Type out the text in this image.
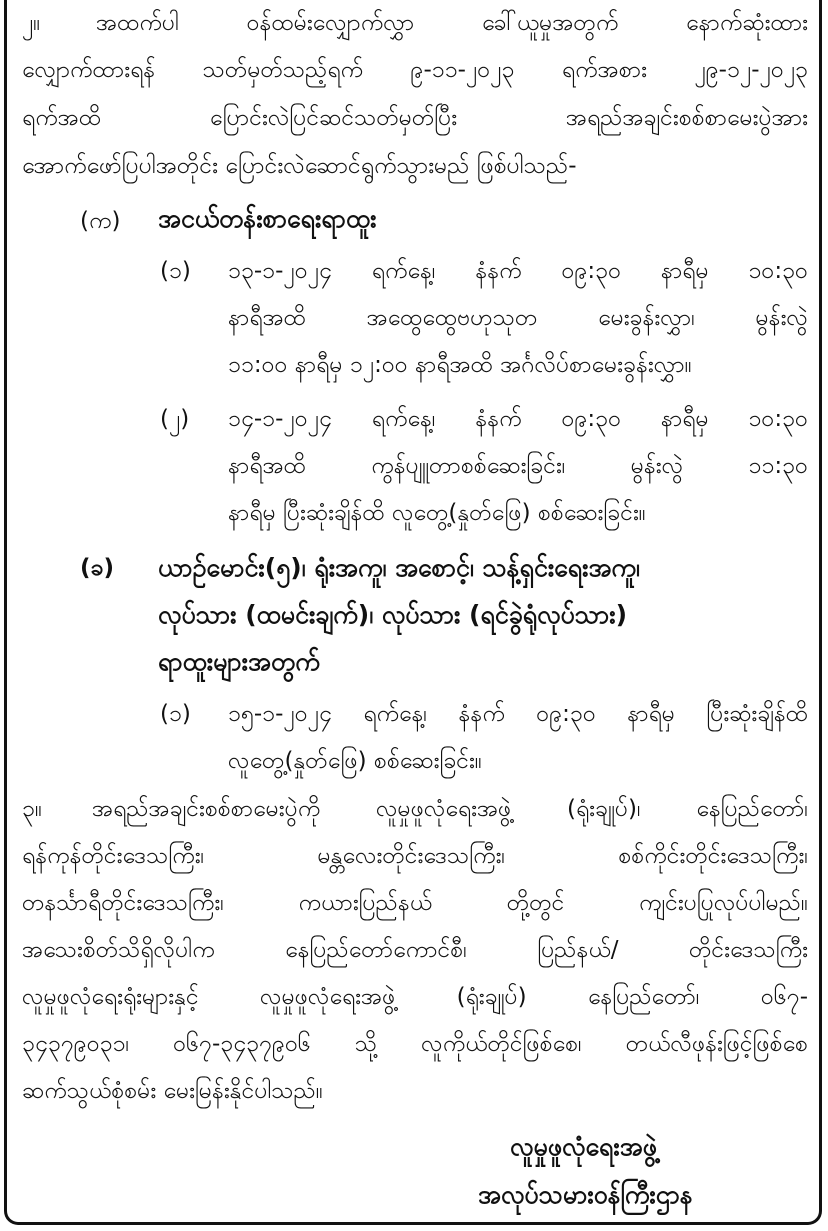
၂။ အထက်ပါ ဝန်ထမ်းလျှောက်လွှာ ခေါ်ယူမှုအတွက် နောက်ဆုံးထား
လျှောက်ထားရန် သတ်မှတ်သည့်ရက် ၉-၁၁-၂၀၂၃ ရက်အစား ၂၉-၁၂-၂၀၂၃
ရက်အထိ ပြောင်းလဲပြင်ဆင်သတ်မှတ်ပြီး အရည်အချင်းစစ်စာမေးပွဲအား
အောက်ဖော်ပြပါအတိုင်း ပြောင်းလဲဆောင်ရွက်သွားမည် ဖြစ်ပါသည်-
(က) အငယ်တန်းစာရေးရာထူး
(၁) ၁၃-၁-၂၀၂၄ ရက်နေ့၊ နံနက် ၀၉:၃၀ နာရီမှ ၁၀:၃၀
နာရီအထိ အထွေထွေဗဟုသုတ မေးခွန်းလွှာ၊ မွန်းလွဲ
၁၁:၀၀ နာရီမှ ၁၂:၀၀ နာရီအထိ အင်္ဂလိပ်စာမေးခွန်းလွှာ။
(၂) ၁၄-၁-၂၀၂၄ ရက်နေ့၊ နံနက် ၀၉:၃၀ နာရီမှ ၁၀:၃၀
နာရီအထိ ကွန်ပျူတာစစ်ဆေးခြင်း၊ မွန်းလွဲ ၁၁:၃၀
နာရီမှ ပြီးဆုံးချိန်ထိ လူတွေ့(နှုတ်ဖြေ) စစ်ဆေးခြင်း။
(ခ) ယာဉ်မောင်း(၅)၊ ရုံးအကူ၊ အစောင့်၊ သန့်ရှင်းရေးအကူ၊
လုပ်သား (ထမင်းချက်)၊ လုပ်သား (ရင်ခွဲရုံလုပ်သား)
ရာထူးများအတွက်
(၁) ၁၅-၁-၂၀၂၄ ရက်နေ့၊ နံနက် ၀၉:၃၀ နာရီမှ ပြီးဆုံးချိန်ထိ
လူတွေ့(နှုတ်ဖြေ) စစ်ဆေးခြင်း။
၃။ အရည်အချင်းစစ်စာမေးပွဲကို လူမှုဖူလုံရေးအဖွဲ့ (ရုံးချုပ်)၊ နေပြည်တော်၊
ရန်ကုန်တိုင်းဒေသကြီး၊ မန္တလေးတိုင်းဒေသကြီး၊ စစ်ကိုင်းတိုင်းဒေသကြီး၊
တနင်္သာရီတိုင်းဒေသကြီး၊ ကယားပြည်နယ် တို့တွင် ကျင်းပပြုလုပ်ပါမည်။
အသေးစိတ်သိရှိလိုပါက နေပြည်တော်ကောင်စီ၊ ပြည်နယ်/ တိုင်းဒေသကြီး
လူမှုဖူလုံရေးရုံးများနှင့် လူမှုဖူလုံရေးအဖွဲ့ (ရုံးချုပ်) နေပြည်တော်၊ ၀၆၇-
၃၄၃၇၉၀၃၁၊ ၀၆၇-၃၄၃၇၉၀၆ သို့ လူကိုယ်တိုင်ဖြစ်စေ၊ တယ်လီဖုန်းဖြင့်ဖြစ်စေ
ဆက်သွယ်စုံစမ်း မေးမြန်းနိုင်ပါသည်။
လူမှုဖူလုံရေးအဖွဲ့
အလုပ်သမားဝန်ကြီးဌာန
